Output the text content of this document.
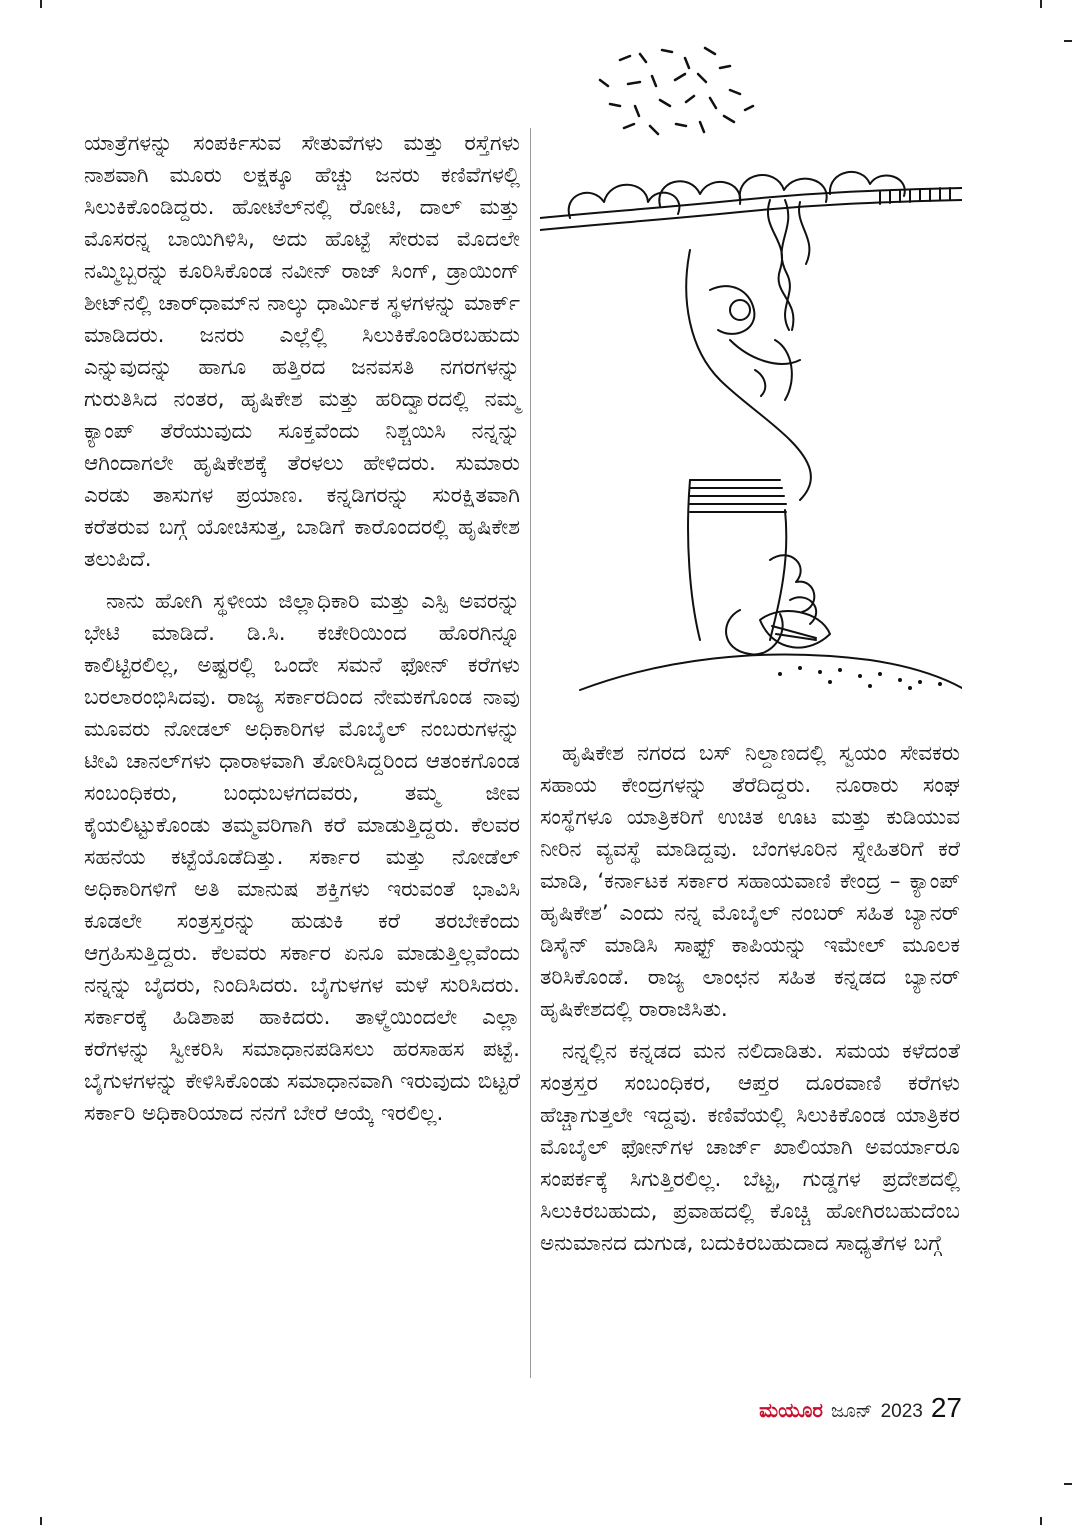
ಯಾತ್ರೆಗಳನ್ನು ಸಂಪರ್ಕಿಸುವ ಸೇತುವೆಗಳು ಮತ್ತು ರಸ್ತೆಗಳು ನಾಶವಾಗಿ ಮೂರು ಲಕ್ಷಕ್ಕೂ ಹೆಚ್ಚು ಜನರು ಕಣಿವೆಗಳಲ್ಲಿ ಸಿಲುಕಿಕೊಂಡಿದ್ದರು. ಹೋಟೆಲ್‌ನಲ್ಲಿ ರೋಟಿ, ದಾಲ್ ಮತ್ತು ಮೊಸರನ್ನ ಬಾಯಿಗಿಳಿಸಿ, ಅದು ಹೊಟ್ಟೆ ಸೇರುವ ಮೊದಲೇ ನಮ್ಮಿಬ್ಬರನ್ನು ಕೂರಿಸಿಕೊಂಡ ನವೀನ್ ರಾಜ್ ಸಿಂಗ್, ಡ್ರಾಯಿಂಗ್ ಶೀಟ್‌ನಲ್ಲಿ ಚಾರ್‌ಧಾಮ್‌ನ ನಾಲ್ಕು ಧಾರ್ಮಿಕ ಸ್ಥಳಗಳನ್ನು ಮಾರ್ಕ್ ಮಾಡಿದರು. ಜನರು ಎಲ್ಲೆಲ್ಲಿ ಸಿಲುಕಿಕೊಂಡಿರಬಹುದು ಎನ್ನುವುದನ್ನು ಹಾಗೂ ಹತ್ತಿರದ ಜನವಸತಿ ನಗರಗಳನ್ನು ಗುರುತಿಸಿದ ನಂತರ, ಹೃಷಿಕೇಶ ಮತ್ತು ಹರಿದ್ವಾರದಲ್ಲಿ ನಮ್ಮ ಕ್ಯಾಂಪ್ ತೆರೆಯುವುದು ಸೂಕ್ತವೆಂದು ನಿಶ್ಚಯಿಸಿ ನನ್ನನ್ನು ಆಗಿಂದಾಗಲೇ ಹೃಷಿಕೇಶಕ್ಕೆ ತೆರಳಲು ಹೇಳಿದರು. ಸುಮಾರು ಎರಡು ತಾಸುಗಳ ಪ್ರಯಾಣ. ಕನ್ನಡಿಗರನ್ನು ಸುರಕ್ಷಿತವಾಗಿ ಕರೆತರುವ ಬಗ್ಗೆ ಯೋಚಿಸುತ್ತ, ಬಾಡಿಗೆ ಕಾರೊಂದರಲ್ಲಿ ಹೃಷಿಕೇಶ ತಲುಪಿದೆ.

ನಾನು ಹೋಗಿ ಸ್ಥಳೀಯ ಜಿಲ್ಲಾಧಿಕಾರಿ ಮತ್ತು ಎಸ್ಪಿ ಅವರನ್ನು ಭೇಟಿ ಮಾಡಿದೆ. ಡಿ.ಸಿ. ಕಚೇರಿಯಿಂದ ಹೊರಗಿನ್ನೂ ಕಾಲಿಟ್ಟಿರಲಿಲ್ಲ, ಅಷ್ಟರಲ್ಲಿ ಒಂದೇ ಸಮನೆ ಫೋನ್ ಕರೆಗಳು ಬರಲಾರಂಭಿಸಿದವು. ರಾಜ್ಯ ಸರ್ಕಾರದಿಂದ ನೇಮಕಗೊಂಡ ನಾವು ಮೂವರು ನೋಡಲ್ ಅಧಿಕಾರಿಗಳ ಮೊಬೈಲ್ ನಂಬರುಗಳನ್ನು ಟೀವಿ ಚಾನಲ್‌ಗಳು ಧಾರಾಳವಾಗಿ ತೋರಿಸಿದ್ದರಿಂದ ಆತಂಕಗೊಂಡ ಸಂಬಂಧಿಕರು, ಬಂಧುಬಳಗದವರು, ತಮ್ಮ ಜೀವ ಕೈಯಲಿಟ್ಟುಕೊಂಡು ತಮ್ಮವರಿಗಾಗಿ ಕರೆ ಮಾಡುತ್ತಿದ್ದರು. ಕೆಲವರ ಸಹನೆಯ ಕಟ್ಟೆಯೊಡೆದಿತ್ತು. ಸರ್ಕಾರ ಮತ್ತು ನೋಡೆಲ್ ಅಧಿಕಾರಿಗಳಿಗೆ ಅತಿ ಮಾನುಷ ಶಕ್ತಿಗಳು ಇರುವಂತೆ ಭಾವಿಸಿ ಕೂಡಲೇ ಸಂತ್ರಸ್ತರನ್ನು ಹುಡುಕಿ ಕರೆ ತರಬೇಕೆಂದು ಆಗ್ರಹಿಸುತ್ತಿದ್ದರು. ಕೆಲವರು ಸರ್ಕಾರ ಏನೂ ಮಾಡುತ್ತಿಲ್ಲವೆಂದು ನನ್ನನ್ನು ಬೈದರು, ನಿಂದಿಸಿದರು. ಬೈಗುಳಗಳ ಮಳೆ ಸುರಿಸಿದರು. ಸರ್ಕಾರಕ್ಕೆ ಹಿಡಿಶಾಪ ಹಾಕಿದರು. ತಾಳ್ಮೆಯಿಂದಲೇ ಎಲ್ಲಾ ಕರೆಗಳನ್ನು ಸ್ವೀಕರಿಸಿ ಸಮಾಧಾನಪಡಿಸಲು ಹರಸಾಹಸ ಪಟ್ಟೆ. ಬೈಗುಳಗಳನ್ನು ಕೇಳಿಸಿಕೊಂಡು ಸಮಾಧಾನವಾಗಿ ಇರುವುದು ಬಿಟ್ಟರೆ ಸರ್ಕಾರಿ ಅಧಿಕಾರಿಯಾದ ನನಗೆ ಬೇರೆ ಆಯ್ಕೆ ಇರಲಿಲ್ಲ.

ಹೃಷಿಕೇಶ ನಗರದ ಬಸ್ ನಿಲ್ದಾಣದಲ್ಲಿ ಸ್ವಯಂ ಸೇವಕರು ಸಹಾಯ ಕೇಂದ್ರಗಳನ್ನು ತೆರೆದಿದ್ದರು. ನೂರಾರು ಸಂಘ ಸಂಸ್ಥೆಗಳೂ ಯಾತ್ರಿಕರಿಗೆ ಉಚಿತ ಊಟ ಮತ್ತು ಕುಡಿಯುವ ನೀರಿನ ವ್ಯವಸ್ಥೆ ಮಾಡಿದ್ದವು. ಬೆಂಗಳೂರಿನ ಸ್ನೇಹಿತರಿಗೆ ಕರೆ ಮಾಡಿ, ‘ಕರ್ನಾಟಕ ಸರ್ಕಾರ ಸಹಾಯವಾಣಿ ಕೇಂದ್ರ – ಕ್ಯಾಂಪ್ ಹೃಷಿಕೇಶ’ ಎಂದು ನನ್ನ ಮೊಬೈಲ್ ನಂಬರ್ ಸಹಿತ ಬ್ಯಾನರ್ ಡಿಸೈನ್ ಮಾಡಿಸಿ ಸಾಫ್ಟ್ ಕಾಪಿಯನ್ನು ಇಮೇಲ್ ಮೂಲಕ ತರಿಸಿಕೊಂಡೆ. ರಾಜ್ಯ ಲಾಂಛನ ಸಹಿತ ಕನ್ನಡದ ಬ್ಯಾನರ್ ಹೃಷಿಕೇಶದಲ್ಲಿ ರಾರಾಜಿಸಿತು.

ನನ್ನಲ್ಲಿನ ಕನ್ನಡದ ಮನ ನಲಿದಾಡಿತು. ಸಮಯ ಕಳೆದಂತೆ ಸಂತ್ರಸ್ತರ ಸಂಬಂಧಿಕರ, ಆಪ್ತರ ದೂರವಾಣಿ ಕರೆಗಳು ಹೆಚ್ಚಾಗುತ್ತಲೇ ಇದ್ದವು. ಕಣಿವೆಯಲ್ಲಿ ಸಿಲುಕಿಕೊಂಡ ಯಾತ್ರಿಕರ ಮೊಬೈಲ್ ಫೋನ್‌ಗಳ ಚಾರ್ಜ್ ಖಾಲಿಯಾಗಿ ಅವರ್ಯಾರೂ ಸಂಪರ್ಕಕ್ಕೆ ಸಿಗುತ್ತಿರಲಿಲ್ಲ. ಬೆಟ್ಟ, ಗುಡ್ಡಗಳ ಪ್ರದೇಶದಲ್ಲಿ ಸಿಲುಕಿರಬಹುದು, ಪ್ರವಾಹದಲ್ಲಿ ಕೊಚ್ಚಿ ಹೋಗಿರಬಹುದೆಂಬ ಅನುಮಾನದ ದುಗುಡ, ಬದುಕಿರಬಹುದಾದ ಸಾಧ್ಯತೆಗಳ ಬಗ್ಗೆ

ಮಯೂರ ಜೂನ್ 2023 27
